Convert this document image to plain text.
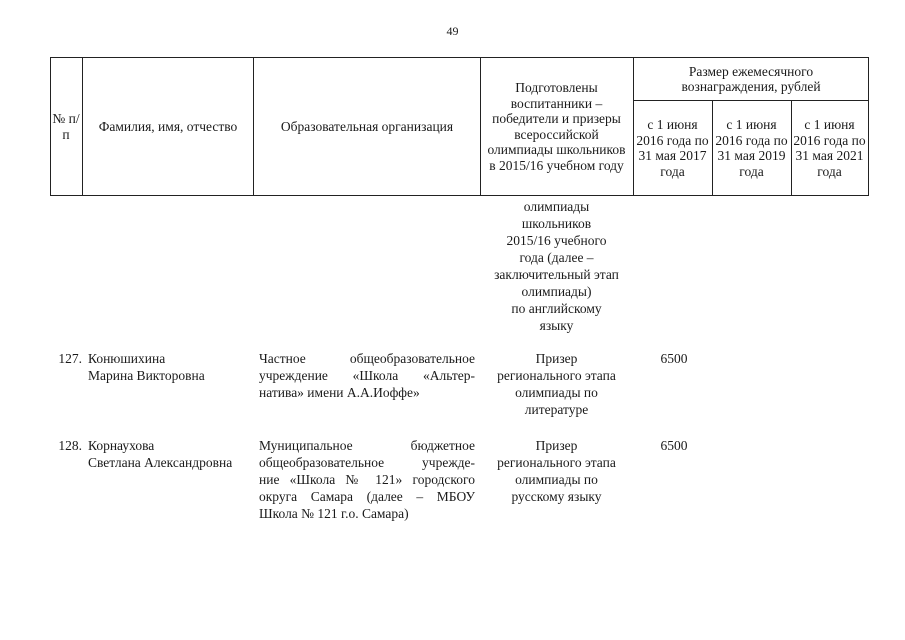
49
№ п/п
Фамилия, имя, отчество	Образовательная организация
Подготовлены воспитанники – победители и призеры всероссийской олимпиады школьников в 2015/16 учебном году
Размер ежемесячного вознаграждения, рублей
с 1 июня 2016 года по 31 мая 2017 года
с 1 июня 2016 года по 31 мая 2019 года
с 1 июня 2016 года по 31 мая 2021 года
олимпиады
школьников
2015/16 учебного
года (далее –
заключительный этап
олимпиады)
по английскому
языку
127. Конюшихина
Марина Викторовна
Частное общеобразовательное
учреждение «Школа «Альтер-
натива» имени А.А.Иоффе»
Призер
регионального этапа
олимпиады по
литературе
6500
128. Корнаухова
Светлана Александровна
Муниципальное бюджетное
общеобразовательное учрежде-
ние «Школа № 121» городского
округа Самара (далее – МБОУ
Школа № 121 г.о. Самара)
Призер
регионального этапа
олимпиады по
русскому языку
6500
